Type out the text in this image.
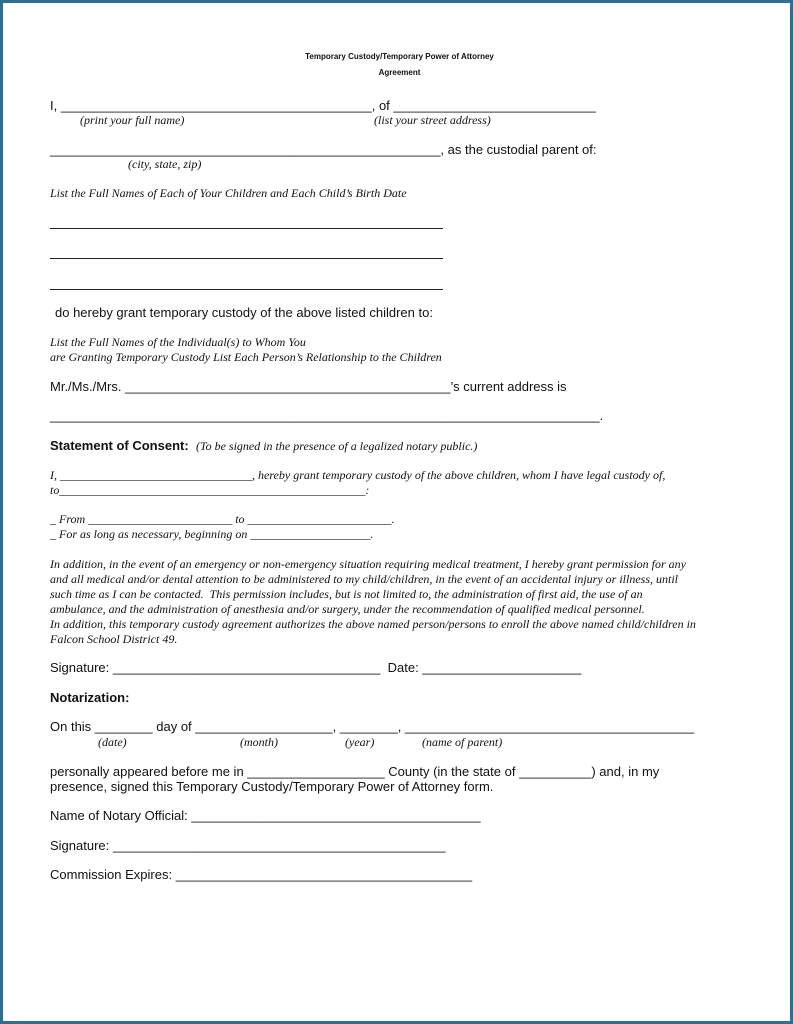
Temporary Custody/Temporary Power of Attorney
Agreement
I, ___________________________________________, of ____________________________
(print your full name)	(list your street address)
______________________________________________________, as the custodial parent of:
(city, state, zip)
List the Full Names of Each of Your Children and Each Child’s Birth Date
do hereby grant temporary custody of the above listed children to:
List the Full Names of the Individual(s) to Whom You
are Granting Temporary Custody List Each Person’s Relationship to the Children
Mr./Ms./Mrs. _____________________________________________’s current address is
____________________________________________________________________________.
Statement of Consent: (To be signed in the presence of a legalized notary public.)
I, ________________________________, hereby grant temporary custody of the above children, whom I have legal custody of,
to___________________________________________________:
_ From ________________________ to ________________________.
_ For as long as necessary, beginning on ____________________.
In addition, in the event of an emergency or non-emergency situation requiring medical treatment, I hereby grant permission for any
and all medical and/or dental attention to be administered to my child/children, in the event of an accidental injury or illness, until
such time as I can be contacted.  This permission includes, but is not limited to, the administration of first aid, the use of an
ambulance, and the administration of anesthesia and/or surgery, under the recommendation of qualified medical personnel.
In addition, this temporary custody agreement authorizes the above named person/persons to enroll the above named child/children in
Falcon School District 49.
Signature: _____________________________________  Date: ______________________
Notarization:
On this ________ day of ___________________, ________, ________________________________________
(date)	(month)	(year)	(name of parent)
personally appeared before me in ___________________ County (in the state of __________) and, in my
presence, signed this Temporary Custody/Temporary Power of Attorney form.
Name of Notary Official: ________________________________________
Signature: ______________________________________________
Commission Expires: _________________________________________
